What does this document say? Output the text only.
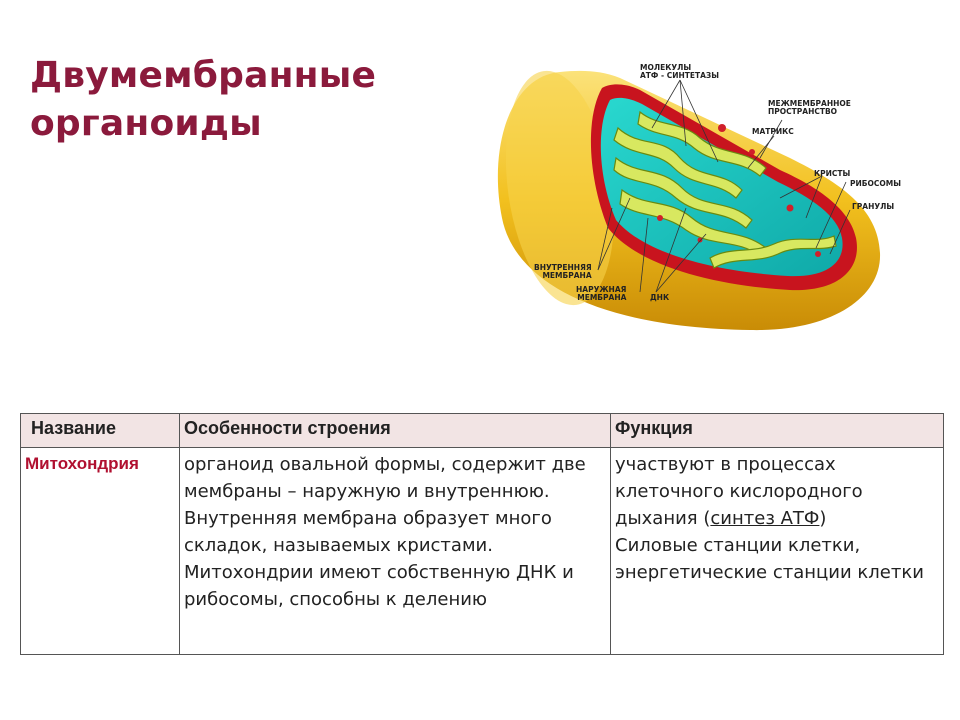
Двумембранные
органоиды
МОЛЕКУЛЫ
АТФ - СИНТЕТАЗЫ
МЕЖМЕМБРАННОЕ
ПРОСТРАНСТВО
МАТРИКС
КРИСТЫ
РИБОСОМЫ
ГРАНУЛЫ
ВНУТРЕННЯЯ
МЕМБРАНА
НАРУЖНАЯ
МЕМБРАНА	ДНК
Название	Особенности строения	Функция
Митохондрия	органоид овальной формы, содержит две мембраны – наружную и внутреннюю. Внутренняя мембрана образует много складок, называемых кристами. Митохондрии имеют собственную ДНК и рибосомы, способны к делению	участвуют в процессах клеточного кислородного дыхания (синтез АТФ)
Силовые станции клетки, энергетические станции клетки
